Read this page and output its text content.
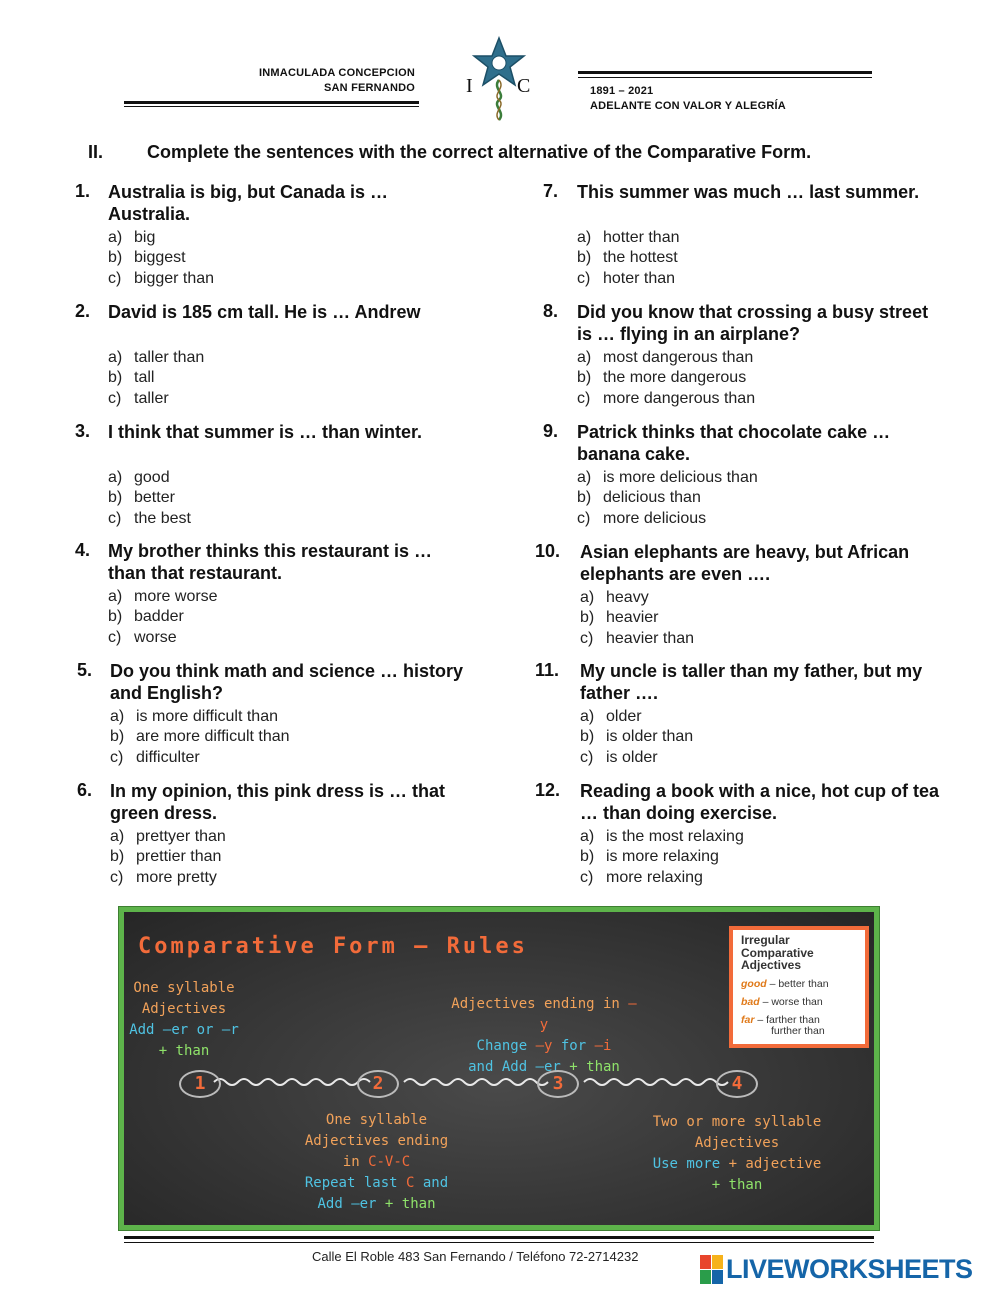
INMACULADA CONCEPCION
SAN FERNANDO	I C	1891 – 2021
ADELANTE CON VALOR Y ALEGRÍA
II. Complete the sentences with the correct alternative of the Comparative Form.
1. Australia is big, but Canada is … Australia.
a) big
b) biggest
c) bigger than
2. David is 185 cm tall. He is … Andrew
a) taller than
b) tall
c) taller
3. I think that summer is … than winter.
a) good
b) better
c) the best
4. My brother thinks this restaurant is … than that restaurant.
a) more worse
b) badder
c) worse
5. Do you think math and science … history and English?
a) is more difficult than
b) are more difficult than
c) difficulter
6. In my opinion, this pink dress is … that green dress.
a) prettyer than
b) prettier than
c) more pretty
7. This summer was much … last summer.
a) hotter than
b) the hottest
c) hoter than
8. Did you know that crossing a busy street is … flying in an airplane?
a) most dangerous than
b) the more dangerous
c) more dangerous than
9. Patrick thinks that chocolate cake … banana cake.
a) is more delicious than
b) delicious than
c) more delicious
10. Asian elephants are heavy, but African elephants are even ….
a) heavy
b) heavier
c) heavier than
11. My uncle is taller than my father, but my father ….
a) older
b) is older than
c) is older
12. Reading a book with a nice, hot cup of tea … than doing exercise.
a) is the most relaxing
b) is more relaxing
c) more relaxing
Comparative Form – Rules
One syllable
Adjectives
Add –er or –r
+ than
Adjectives ending in –y
Change –y for –i
and Add –er + than
1	2	3	4
One syllable
Adjectives ending
in C-V-C
Repeat last C and
Add –er + than
Two or more syllable
Adjectives
Use more + adjective
+ than
Irregular Comparative Adjectives
good – better than
bad – worse than
far – farther than
further than
Calle El Roble 483 San Fernando / Teléfono 72-2714232	LIVEWORKSHEETS
